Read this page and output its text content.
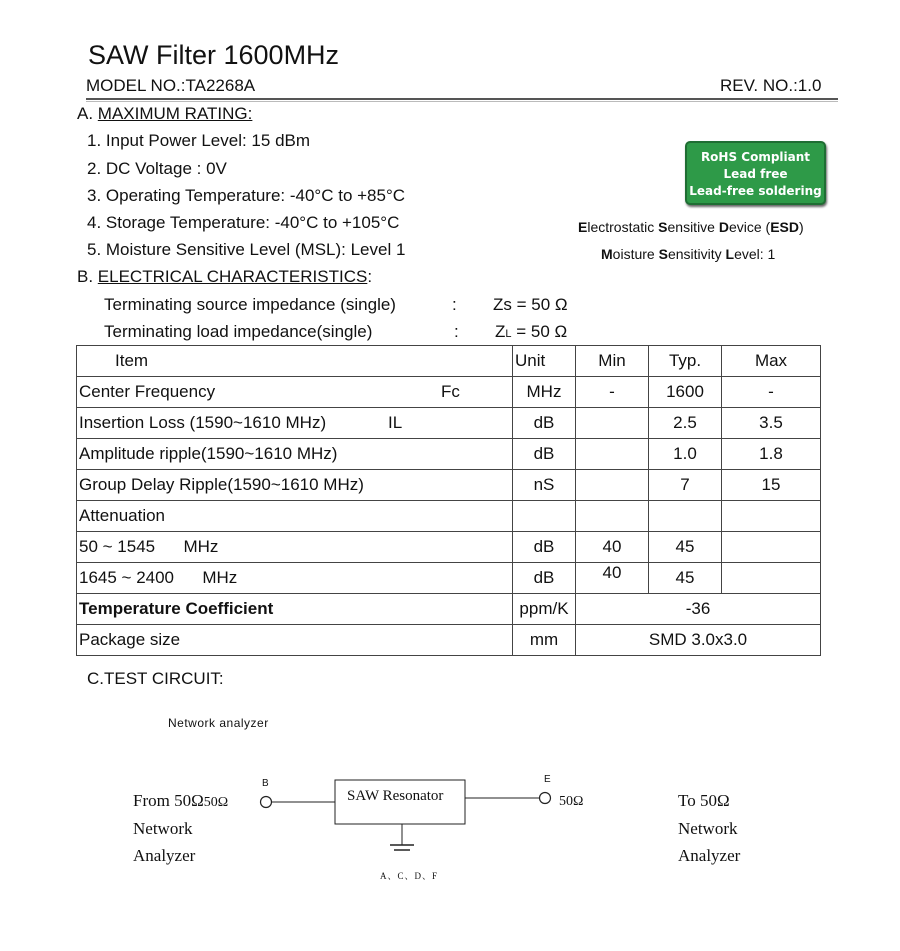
SAW Filter 1600MHz
MODEL NO.:TA2268A	REV. NO.:1.0
A. MAXIMUM RATING:
1. Input Power Level: 15 dBm
2. DC Voltage : 0V
3. Operating Temperature: -40°C to +85°C
4. Storage Temperature: -40°C to +105°C
5. Moisture Sensitive Level (MSL): Level 1
RoHS Compliant
Lead free
Lead-free soldering
Electrostatic Sensitive Device (ESD)
Moisture Sensitivity Level: 1
B. ELECTRICAL CHARACTERISTICS:
Terminating source impedance (single)	: Zs = 50 Ω
Terminating load impedance(single)	: ZL = 50 Ω
Item	Unit	Min	Typ.	Max
Center Frequency Fc	MHz	-	1600	-
Insertion Loss (1590~1610 MHz) IL	dB		2.5	3.5
Amplitude ripple(1590~1610 MHz)	dB		1.0	1.8
Group Delay Ripple(1590~1610 MHz)	nS		7	15
Attenuation				
50 ~ 1545      MHz	dB	40	45	
1645 ~ 2400      MHz	dB	40	45	
Temperature Coefficient	ppm/K	-36		
Package size	mm	SMD 3.0x3.0		
C.TEST CIRCUIT:
Network analyzer
B	E
SAW Resonator	50Ω
From 50Ω50Ω
Network
Analyzer
To 50Ω
Network
Analyzer
A、C、D、F
